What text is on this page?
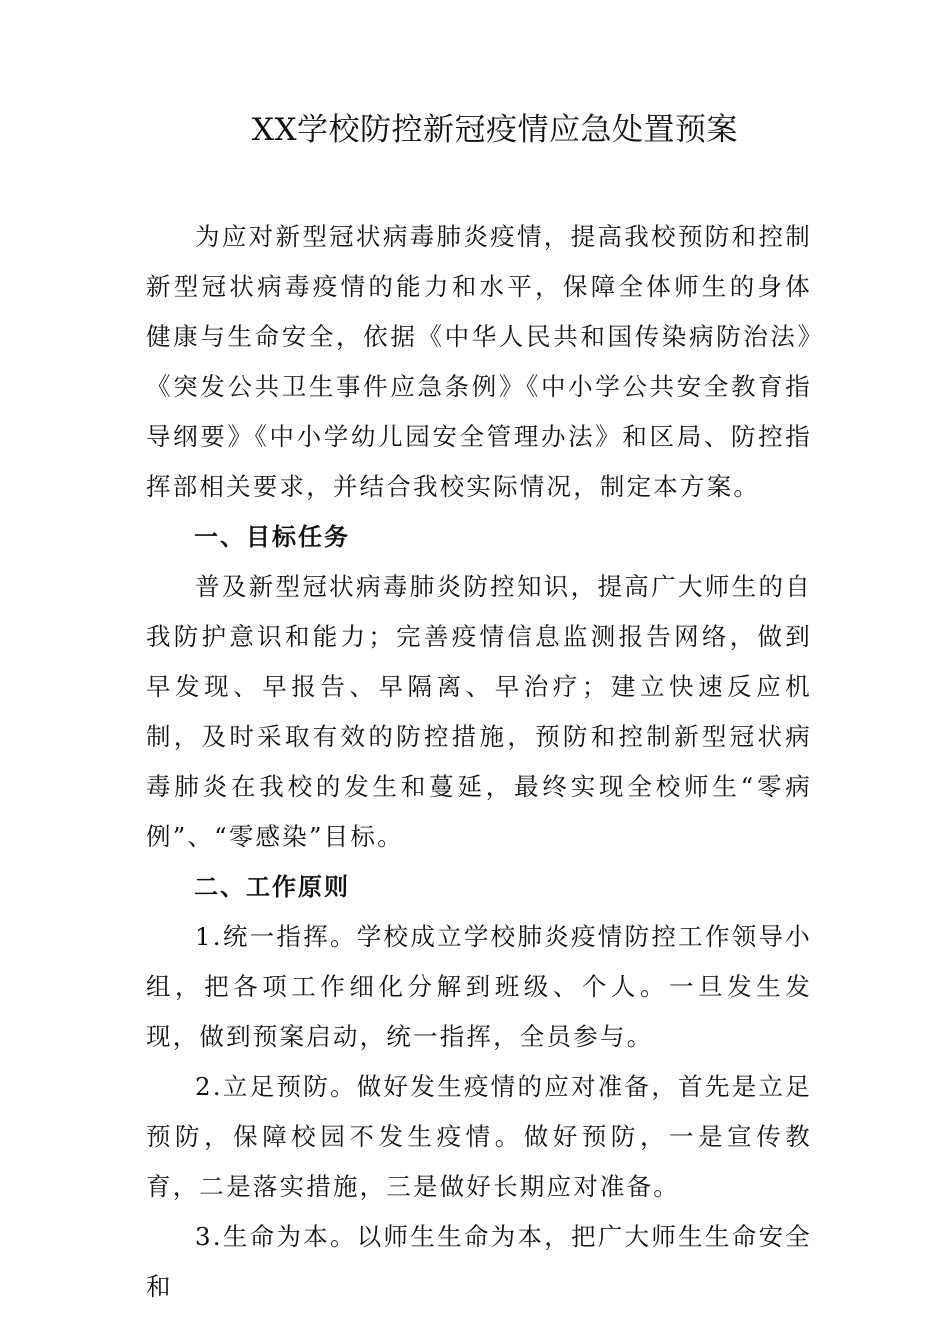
XX学校防控新冠疫情应急处置预案

为应对新型冠状病毒肺炎疫情，提高我校预防和控制新型冠状病毒疫情的能力和水平，保障全体师生的身体健康与生命安全，依据《中华人民共和国传染病防治法》《突发公共卫生事件应急条例》《中小学公共安全教育指导纲要》《中小学幼儿园安全管理办法》和区局、防控指挥部相关要求，并结合我校实际情况，制定本方案。

一、目标任务

普及新型冠状病毒肺炎防控知识，提高广大师生的自我防护意识和能力；完善疫情信息监测报告网络，做到早发现、早报告、早隔离、早治疗；建立快速反应机制，及时采取有效的防控措施，预防和控制新型冠状病毒肺炎在我校的发生和蔓延，最终实现全校师生“零病例”、“零感染”目标。

二、工作原则

1.统一指挥。学校成立学校肺炎疫情防控工作领导小组，把各项工作细化分解到班级、个人。一旦发生发现，做到预案启动，统一指挥，全员参与。

2.立足预防。做好发生疫情的应对准备，首先是立足预防，保障校园不发生疫情。做好预防，一是宣传教育，二是落实措施，三是做好长期应对准备。

3.生命为本。以师生生命为本，把广大师生生命安全和
